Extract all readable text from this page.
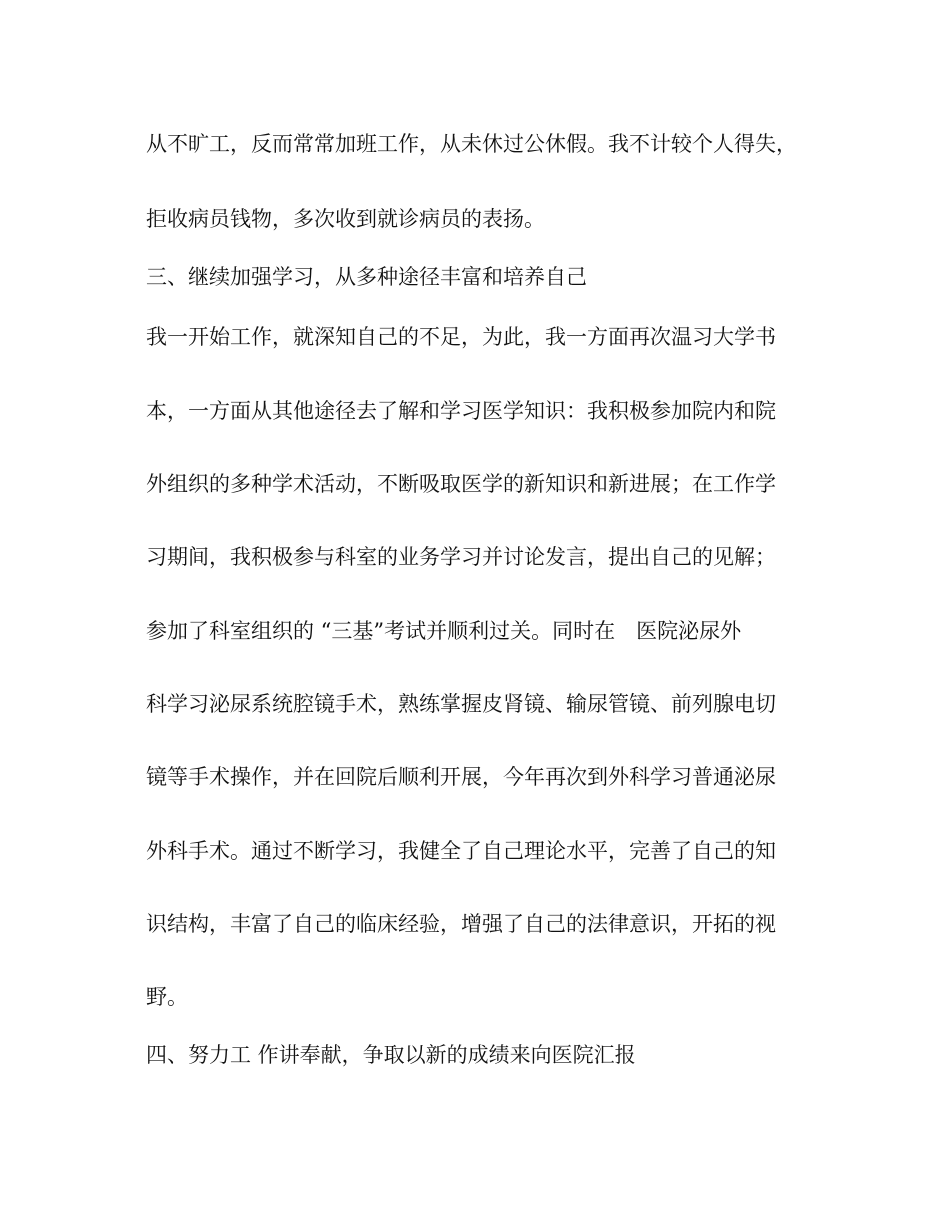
从不旷工，反而常常加班工作，从未休过公休假。我不计较个人得失，

拒收病员钱物，多次收到就诊病员的表扬。

三、继续加强学习，从多种途径丰富和培养自己

我一开始工作，就深知自己的不足，为此，我一方面再次温习大学书

本，一方面从其他途径去了解和学习医学知识：我积极参加院内和院

外组织的多种学术活动，不断吸取医学的新知识和新进展；在工作学

习期间，我积极参与科室的业务学习并讨论发言，提出自己的见解；

参加了科室组织的 “三基”考试并顺利过关。同时在　医院泌尿外

科学习泌尿系统腔镜手术，熟练掌握皮肾镜、输尿管镜、前列腺电切

镜等手术操作，并在回院后顺利开展，今年再次到外科学习普通泌尿

外科手术。通过不断学习，我健全了自己理论水平，完善了自己的知

识结构，丰富了自己的临床经验，增强了自己的法律意识，开拓的视

野。

四、努力工 作讲奉献，争取以新的成绩来向医院汇报
